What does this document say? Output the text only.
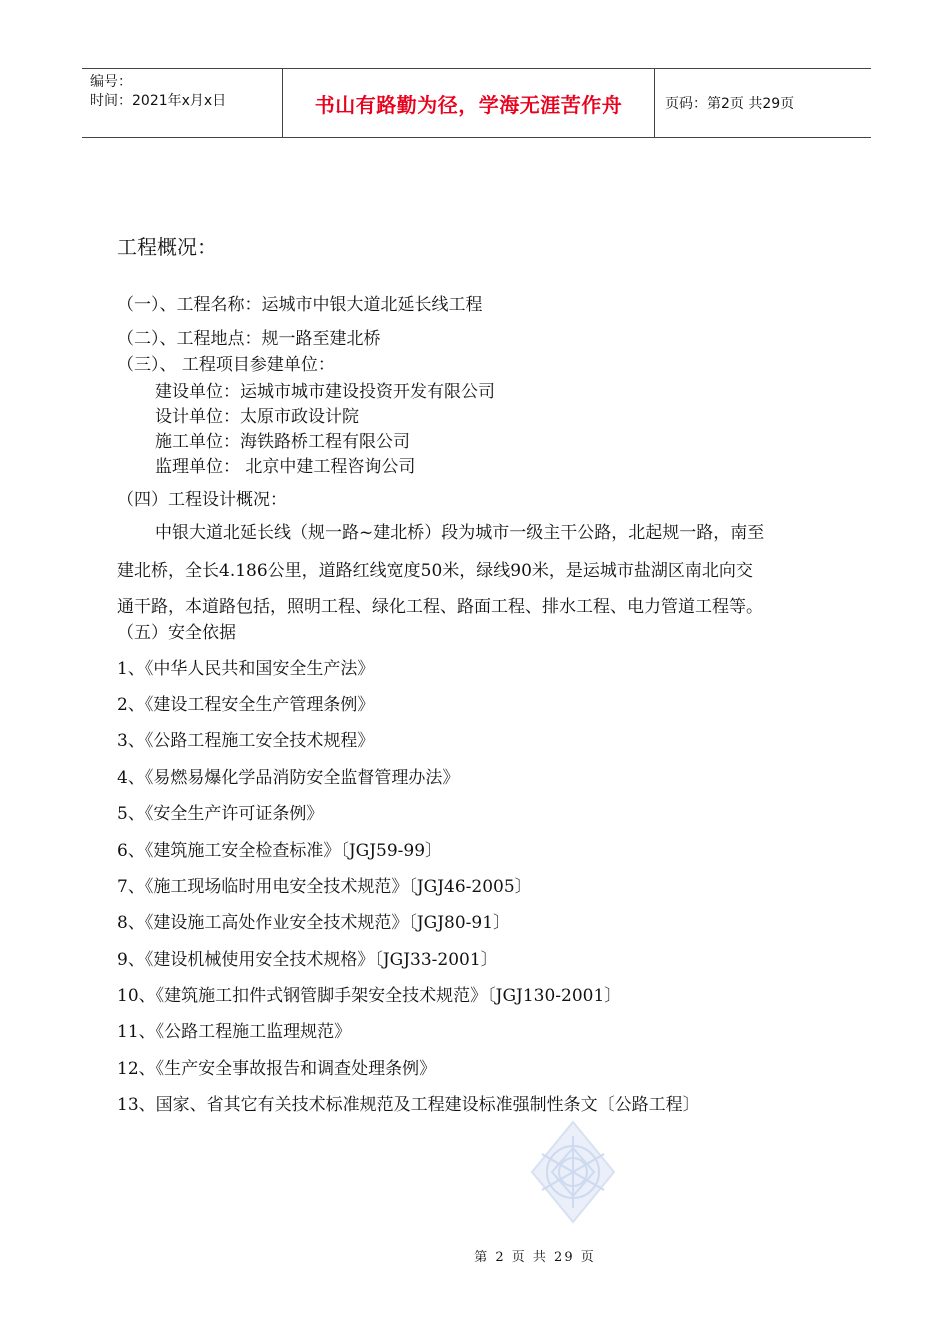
编号：
时间：2021年x月x日	书山有路勤为径，学海无涯苦作舟	页码：第2页 共29页
工程概况：
（一）、工程名称：运城市中银大道北延长线工程
（二）、工程地点：规一路至建北桥
（三）、 工程项目参建单位：
建设单位：运城市城市建设投资开发有限公司
设计单位：太原市政设计院
施工单位：海铁路桥工程有限公司
监理单位： 北京中建工程咨询公司
（四）工程设计概况：
中银大道北延长线（规一路~建北桥）段为城市一级主干公路，北起规一路，南至
建北桥，全长4.186公里，道路红线宽度50米，绿线90米，是运城市盐湖区南北向交
通干路，本道路包括，照明工程、绿化工程、路面工程、排水工程、电力管道工程等。
（五）安全依据
1、《中华人民共和国安全生产法》
2、《建设工程安全生产管理条例》
3、《公路工程施工安全技术规程》
4、《易燃易爆化学品消防安全监督管理办法》
5、《安全生产许可证条例》
6、《建筑施工安全检查标准》〔JGJ59-99〕
7、《施工现场临时用电安全技术规范》〔JGJ46-2005〕
8、《建设施工高处作业安全技术规范》〔JGJ80-91〕
9、《建设机械使用安全技术规格》〔JGJ33-2001〕
10、《建筑施工扣件式钢管脚手架安全技术规范》〔JGJ130-2001〕
11、《公路工程施工监理规范》
12、《生产安全事故报告和调查处理条例》
13、国家、省其它有关技术标准规范及工程建设标准强制性条文〔公路工程〕
第 2 页 共 29 页
